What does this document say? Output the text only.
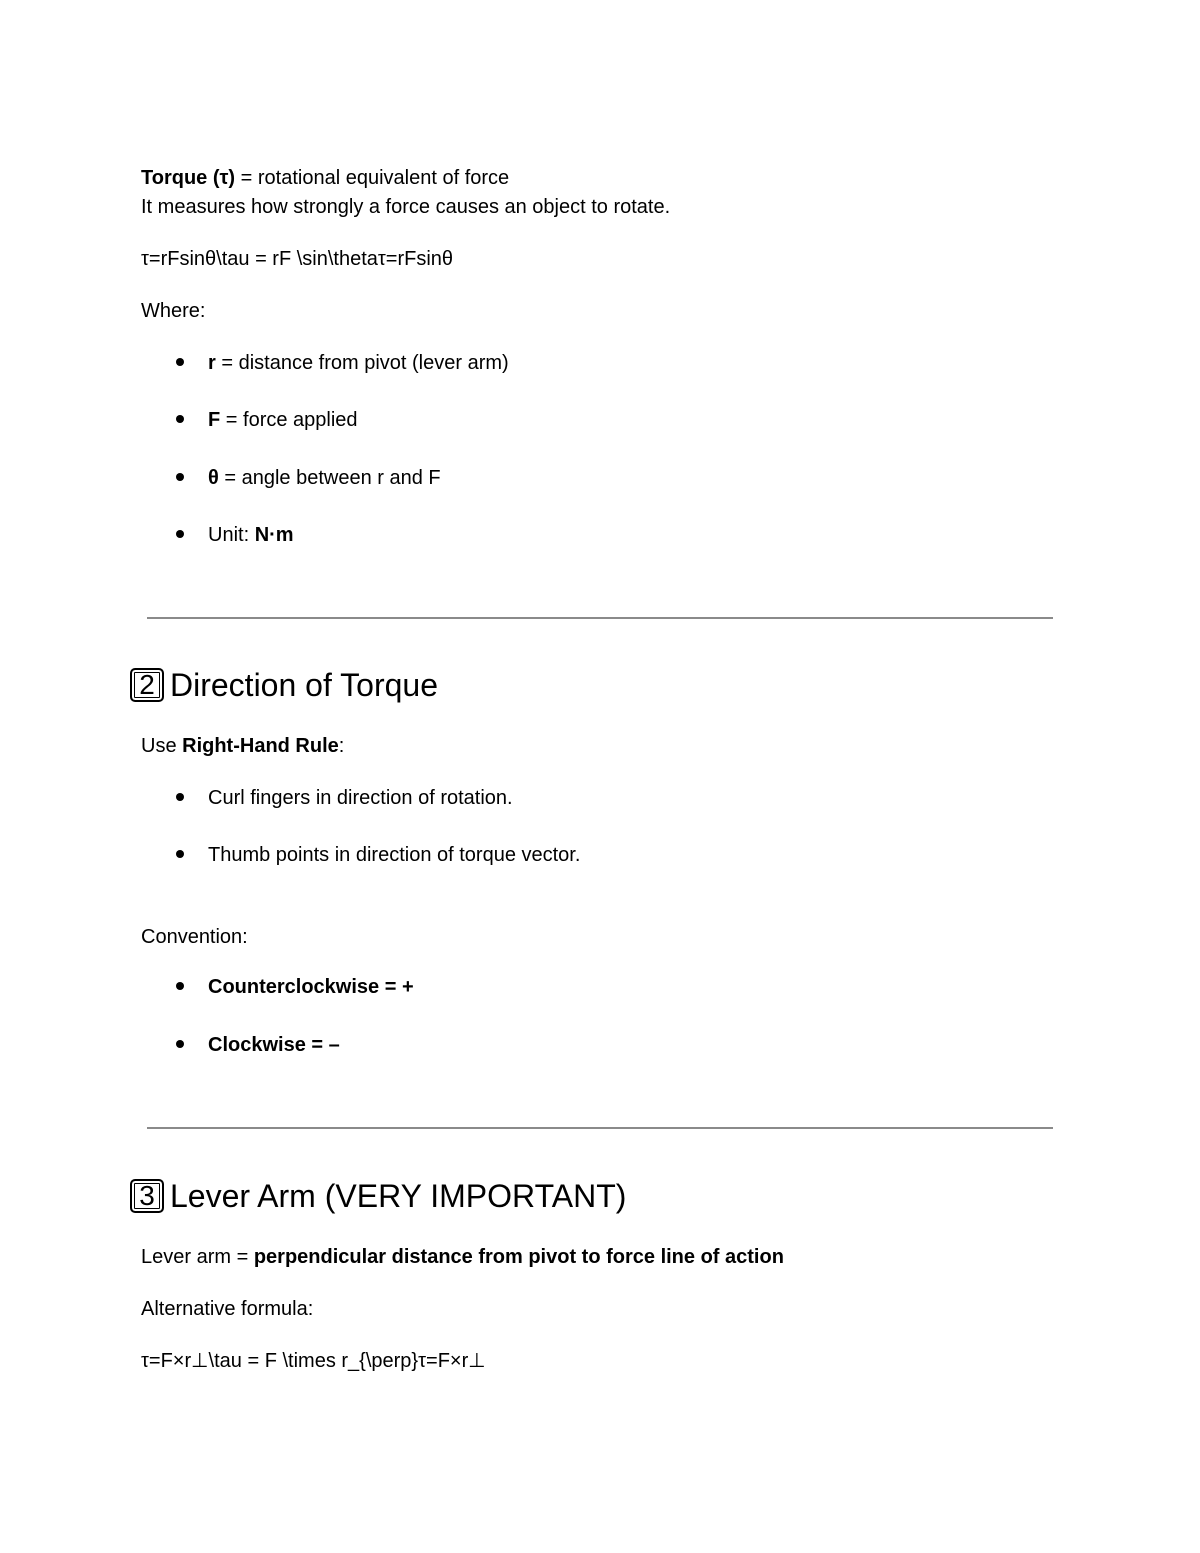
Torque (τ) = rotational equivalent of force
It measures how strongly a force causes an object to rotate.
τ=rFsinθ\tau = rF \sin\thetaτ=rFsinθ
Where:
r = distance from pivot (lever arm)
F = force applied
θ = angle between r and F
Unit: N·m
2 Direction of Torque
Use Right-Hand Rule:
Curl fingers in direction of rotation.
Thumb points in direction of torque vector.
Convention:
Counterclockwise = +
Clockwise = –
3 Lever Arm (VERY IMPORTANT)
Lever arm = perpendicular distance from pivot to force line of action
Alternative formula:
τ=F×r⊥\tau = F \times r_{\perp}τ=F×r⊥
